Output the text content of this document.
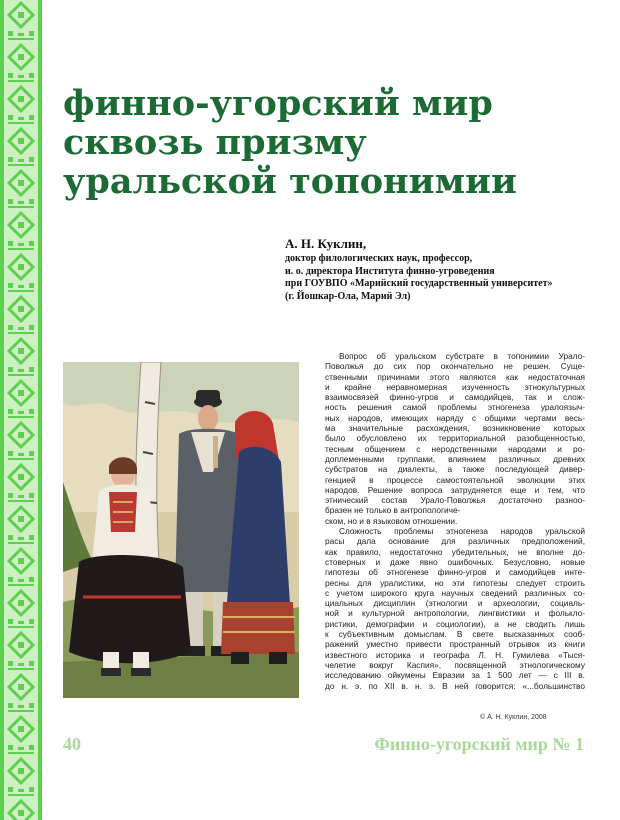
финно-угорский мир
сквозь призму
уральской топонимии
А. Н. Куклин,
доктор филологических наук, профессор,
и. о. директора Института финно-угроведения
при ГОУВПО «Марийский государственный университет»
(г. Йошкар-Ола, Марий Эл)
Вопрос об уральском субстрате в топонимии Урало-
Поволжья до сих пор окончательно не решен. Суще-
ственными причинами этого являются как недостаточная
и крайне неравномерная изученность этнокультурных
взаимосвязей финно-угров и самодийцев, так и слож-
ность решения самой проблемы этногенеза уралоязыч-
ных народов, имеющих наряду с общими чертами весь-
ма значительные расхождения, возникновение которых
было обусловлено их территориальной разобщенностью,
тесным общением с неродственными народами и ро-
доплеменными группами, влиянием различных древних
субстратов на диалекты, а также последующей дивер-
генцией в процессе самостоятельной эволюции этих
народов. Решение вопроса затрудняется еще и тем, что
этнический состав Урало-Поволжья достаточно разноо-
бразен не только в антропологиче-
ском, но и в языковом отношении.
Сложность проблемы этногенеза народов уральской
расы дала основание для различных предположений,
как правило, недостаточно убедительных, не вполне до-
стоверных и даже явно ошибочных. Безусловно, новые
гипотезы об этногенезе финно-угров и самодийцев инте-
ресны для уралистики, но эти гипотезы следует строить
с учетом широкого круга научных сведений различных со-
циальных дисциплин (этнологии и археологии, социаль-
ной и культурной антропологии, лингвистики и фольклo-
ристики, демографии и социологии), а не сводить лишь
к субъективным домыслам. В свете высказанных сооб-
ражений уместно привести пространный отрывок из книги
известного историка и географа Л. Н. Гумилева «Тыся-
челетие вокруг Каспия», посвященной этнологическому
исследованию ойкумены Евразии за 1 500 лет — с III в.
до н. э. по XII в. н. э. В ней говорится: «...большинство
© А. Н. Куклин, 2008
40	Финно-угорский мир № 1
